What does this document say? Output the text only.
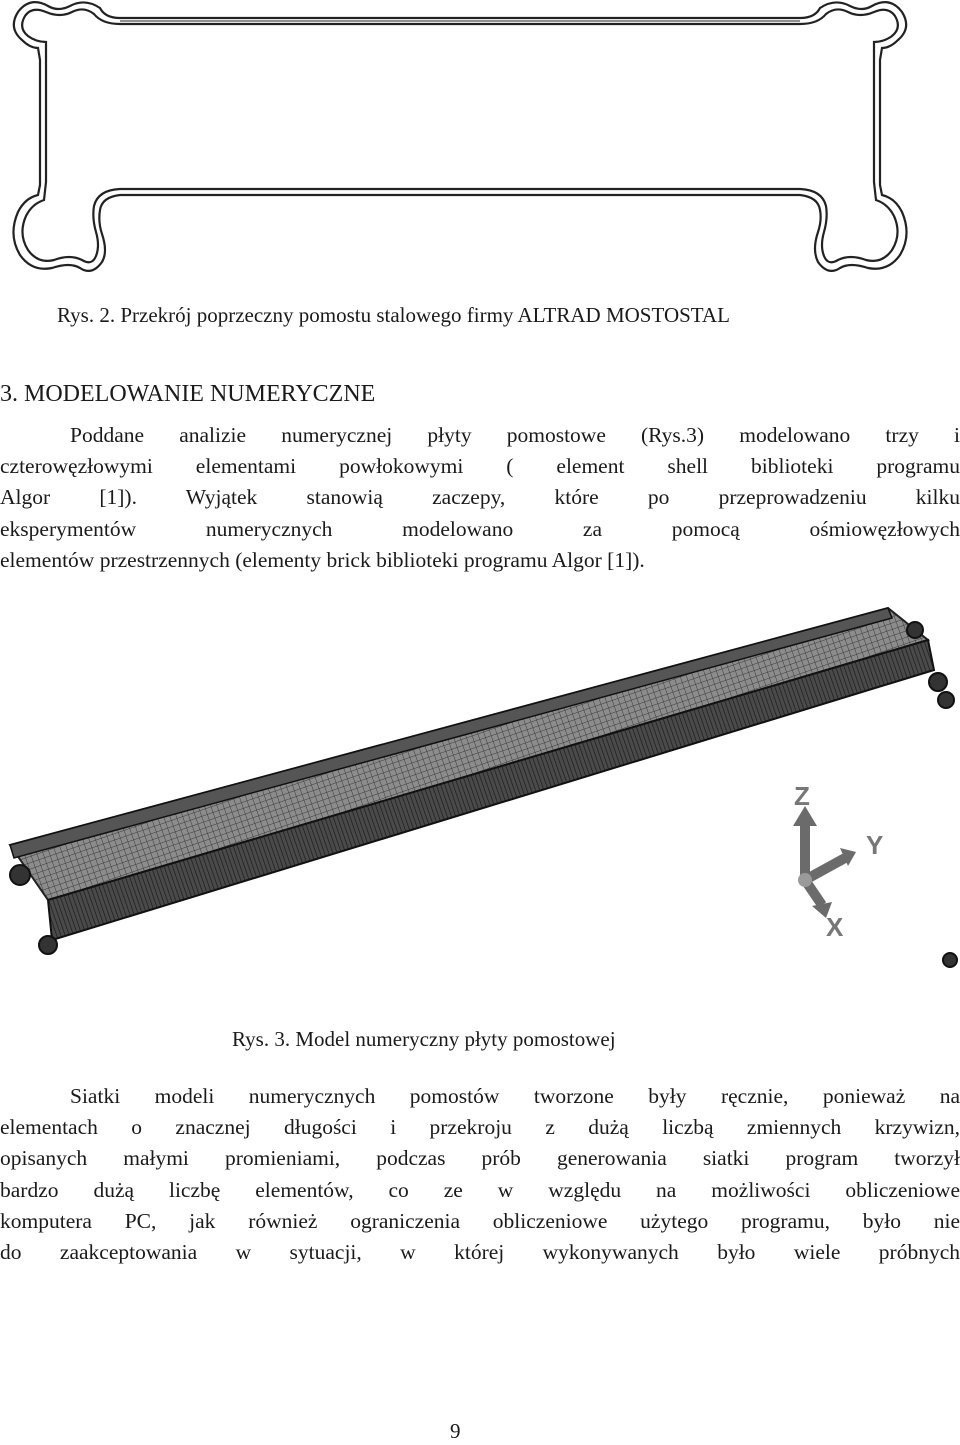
Rys. 2. Przekrój poprzeczny pomostu stalowego firmy ALTRAD MOSTOSTAL
3. MODELOWANIE NUMERYCZNE
Poddane analizie numerycznej płyty pomostowe (Rys.3) modelowano trzy i
czterowęzłowymi elementami powłokowymi ( element shell biblioteki programu
Algor [1]). Wyjątek stanowią zaczepy, które po przeprowadzeniu kilku
eksperymentów numerycznych modelowano za pomocą ośmiowęzłowych
elementów przestrzennych (elementy brick biblioteki programu Algor [1]).
Z
Y
X
Rys. 3. Model numeryczny płyty pomostowej
Siatki modeli numerycznych pomostów tworzone były ręcznie, ponieważ na
elementach o znacznej długości i przekroju z dużą liczbą zmiennych krzywizn,
opisanych małymi promieniami, podczas prób generowania siatki program tworzył
bardzo dużą liczbę elementów, co ze w względu na możliwości obliczeniowe
komputera PC, jak również ograniczenia obliczeniowe użytego programu, było nie
do zaakceptowania w sytuacji, w której wykonywanych było wiele próbnych
9
